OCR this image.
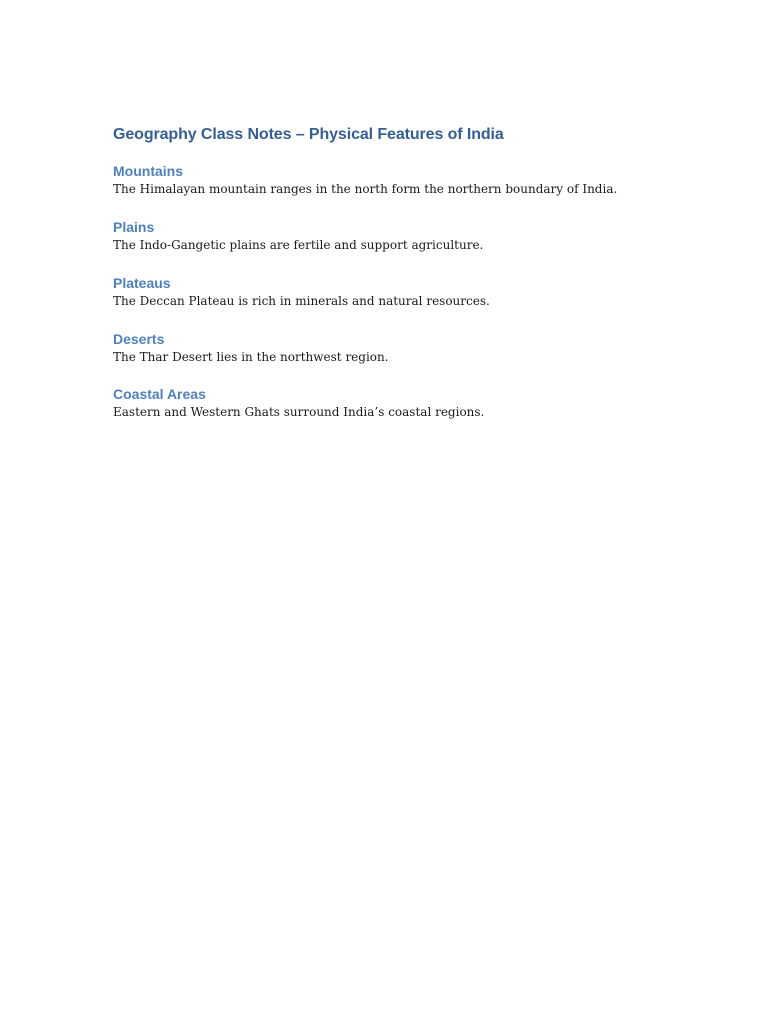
Geography Class Notes – Physical Features of India
Mountains

The Himalayan mountain ranges in the north form the northern boundary of India.

Plains

The Indo-Gangetic plains are fertile and support agriculture.

Plateaus

The Deccan Plateau is rich in minerals and natural resources.

Deserts

The Thar Desert lies in the northwest region.

Coastal Areas

Eastern and Western Ghats surround India’s coastal regions.
